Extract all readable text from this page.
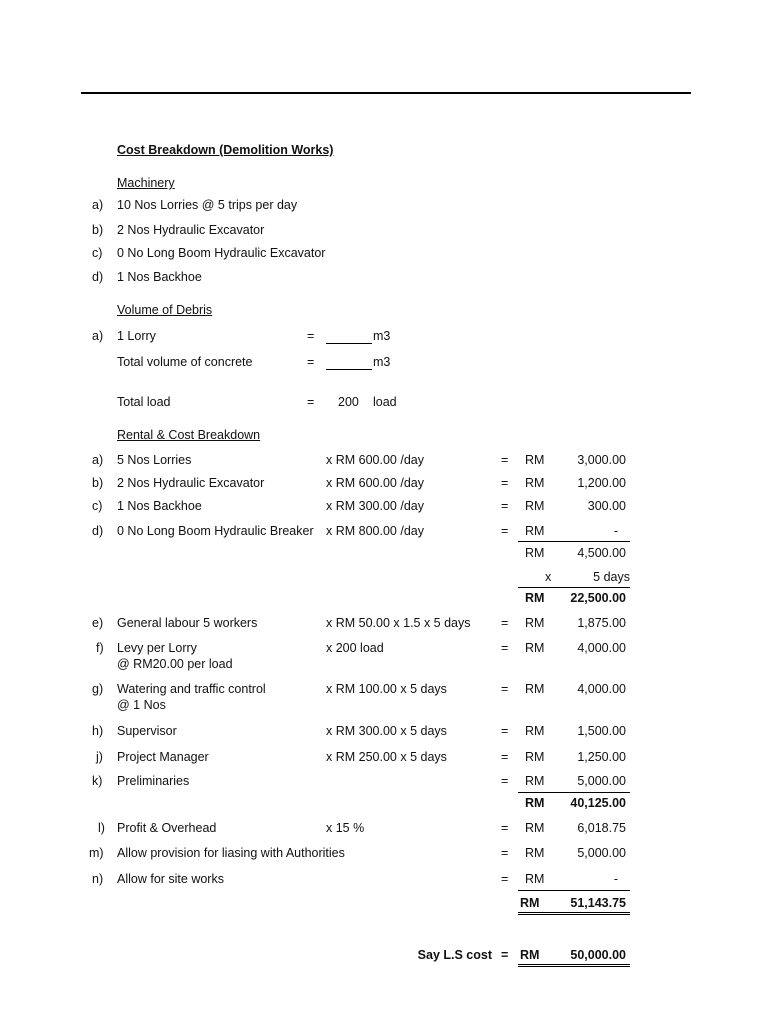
Cost Breakdown (Demolition Works)
Machinery
a) 10 Nos Lorries @ 5 trips per day
b) 2 Nos Hydraulic Excavator
c) 0 No Long Boom Hydraulic Excavator
d) 1 Nos Backhoe
Volume of Debris
a) 1 Lorry	=	m3
Total volume of concrete	=	m3
Total load	= 200 load
Rental & Cost Breakdown
a) 5 Nos Lorries	x RM 600.00 /day	= RM	3,000.00
b) 2 Nos Hydraulic Excavator	x RM 600.00 /day	= RM	1,200.00
c) 1 Nos Backhoe	x RM 300.00 /day	= RM	300.00
d) 0 No Long Boom Hydraulic Breaker x RM 800.00 /day	= RM	-
RM	4,500.00
x	5 days
RM	22,500.00
e) General labour 5 workers	x RM 50.00 x 1.5 x 5 days = RM	1,875.00
f) Levy per Lorry
@ RM20.00 per load
x 200 load	= RM	4,000.00
g) Watering and traffic control
@ 1 Nos
x RM 100.00 x 5 days	= RM	4,000.00
h) Supervisor	x RM 300.00 x 5 days	= RM	1,500.00
j) Project Manager	x RM 250.00 x 5 days	= RM	1,250.00
k) Preliminaries	= RM	5,000.00
RM	40,125.00
l) Profit & Overhead	x 15 %	= RM	6,018.75
m) Allow provision for liasing with Authorities	= RM	5,000.00
n) Allow for site works	= RM	-
RM	51,143.75
Say L.S cost = RM	50,000.00
